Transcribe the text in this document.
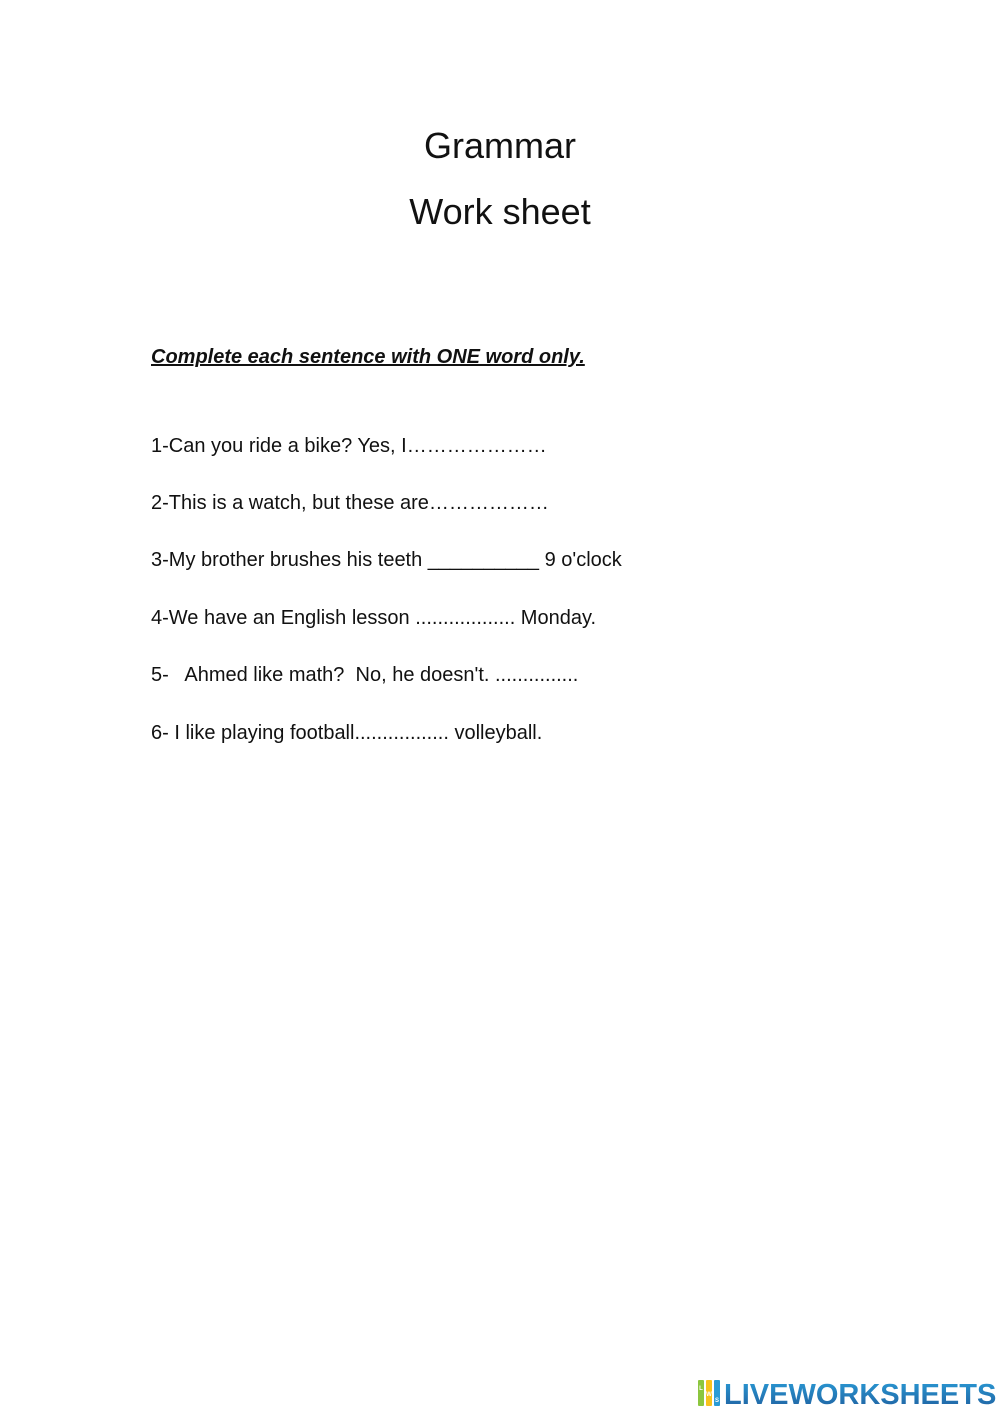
Grammar
Work sheet
Complete each sentence with ONE word only.
1-Can you ride a bike? Yes, I…………………
2-This is a watch, but these are………………
3-My brother brushes his teeth __________ 9 o'clock
4-We have an English lesson .................. Monday.
5-   Ahmed like math?  No, he doesn't. ...............
6- I like playing football................. volleyball.
L
W
S LIVEWORKSHEETS
